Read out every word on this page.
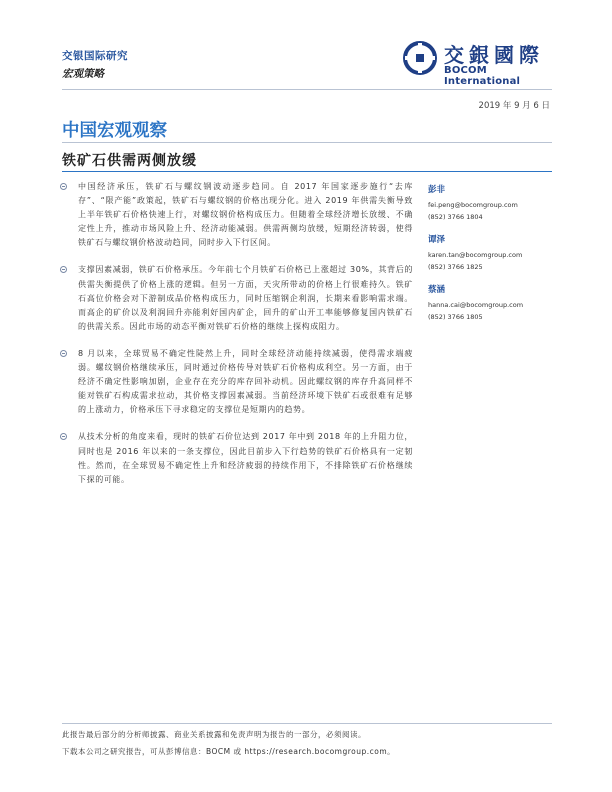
交银国际研究
宏观策略
交銀國際
BOCOM International
2019 年 9 月 6 日
中国宏观观察
铁矿石供需两侧放缓
中国经济承压，铁矿石与螺纹钢波动逐步趋同。自 2017 年国家逐步施行“去库存”、“限产能”政策起，铁矿石与螺纹钢的价格出现分化。进入 2019 年供需失衡导致上半年铁矿石价格快速上行，对螺纹钢价格构成压力。但随着全球经济增长放缓、不确定性上升，推动市场风险上升、经济动能减弱。供需两侧均放缓，短期经济转弱，使得铁矿石与螺纹钢价格波动趋同，同时步入下行区间。
支撑因素减弱，铁矿石价格承压。今年前七个月铁矿石价格已上涨超过 30%，其背后的供需失衡提供了价格上涨的逻辑。但另一方面，天灾所带动的价格上行很难持久。铁矿石高位价格会对下游制成品价格构成压力，同时压缩钢企利润，长期来看影响需求端。而高企的矿价以及利润回升亦能利好国内矿企，回升的矿山开工率能够修复国内铁矿石的供需关系。因此市场的动态平衡对铁矿石价格的继续上探构成阻力。
8 月以来，全球贸易不确定性陡然上升，同时全球经济动能持续减弱，使得需求端疲弱。螺纹钢价格继续承压，同时通过价格传导对铁矿石价格构成利空。另一方面，由于经济不确定性影响加剧，企业存在充分的库存回补动机。因此螺纹钢的库存升高同样不能对铁矿石构成需求拉动，其价格支撑因素减弱。当前经济环境下铁矿石或很难有足够的上涨动力，价格承压下寻求稳定的支撑位是短期内的趋势。
从技术分析的角度来看，现时的铁矿石价位达到 2017 年中到 2018 年的上升阻力位，同时也是 2016 年以来的一条支撑位，因此目前步入下行趋势的铁矿石价格具有一定韧性。然而，在全球贸易不确定性上升和经济疲弱的持续作用下，不排除铁矿石价格继续下探的可能。
彭非
fei.peng@bocomgroup.com
(852) 3766 1804
谭泽
karen.tan@bocomgroup.com
(852) 3766 1825
蔡涵
hanna.cai@bocomgroup.com
(852) 3766 1805
此报告最后部分的分析师披露、商业关系披露和免责声明为报告的一部分，必须阅读。
下载本公司之研究报告，可从彭博信息：BOCM 或 https://research.bocomgroup.com。
